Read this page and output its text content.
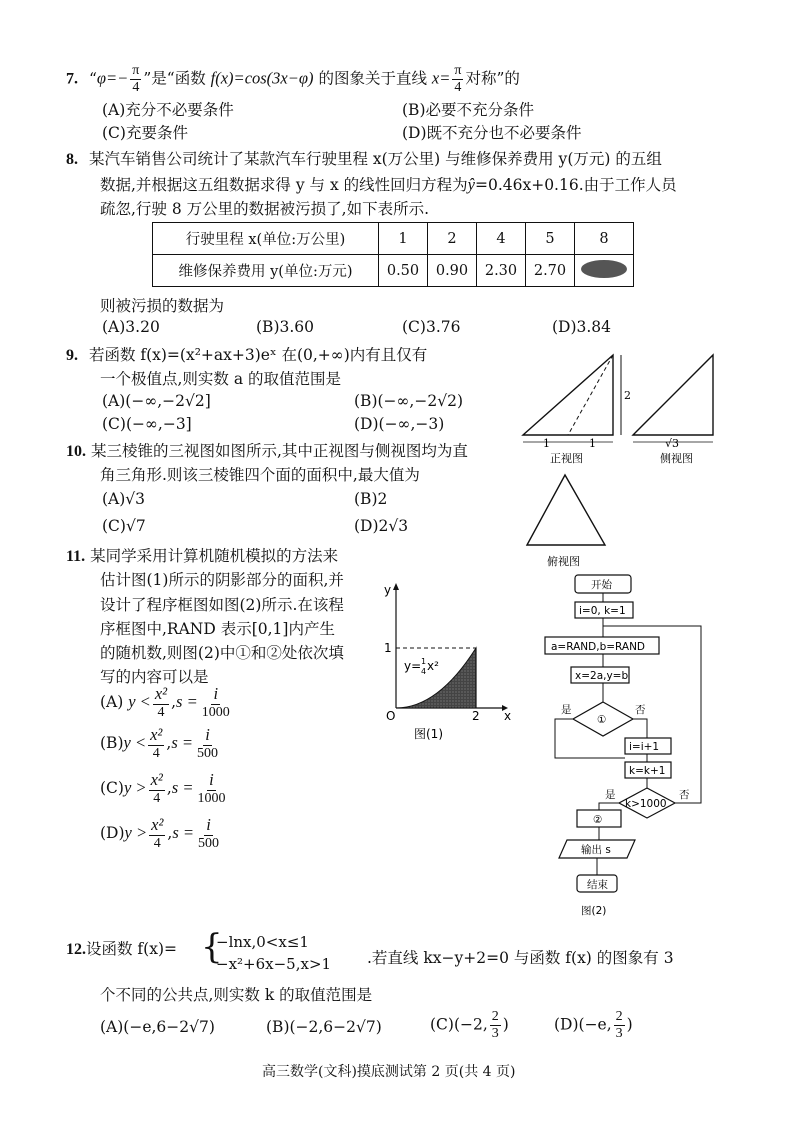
7. “$\varphi=- \frac{\pi}{4}$ ”是“函数 f(x)=cos(3x−φ) 的图象关于直线 $x= \frac{\pi}{4}$ 对称”的
(A)充分不必要条件	(B)必要不充分条件
(C)充要条件	(D)既不充分也不必要条件
8. 某汽车销售公司统计了某款汽车行驶里程 x(万公里) 与维修保养费用 y(万元) 的五组
数据,并根据这五组数据求得 y 与 x 的线性回归方程为ŷ=0.46x+0.16.由于工作人员
疏忽,行驶 8 万公里的数据被污损了,如下表所示.
行驶里程 x(单位:万公里)	1	2	4	5	8
维修保养费用 y(单位:万元)	0.50	0.90	2.30	2.70	
则被污损的数据为
(A)3.20	(B)3.60	(C)3.76	(D)3.84
9. 若函数 f(x)=(x²+ax+3)eˣ 在(0,+∞)内有且仅有
一个极值点,则实数 a 的取值范围是
(A)(−∞,−2√2]	(B)(−∞,−2√2)
(C)(−∞,−3]	(D)(−∞,−3)
10. 某三棱锥的三视图如图所示,其中正视图与侧视图均为直
角三角形.则该三棱锥四个面的面积中,最大值为
(A)√3	(B)2
(C)√7	(D)2√3
2
1	1
正视图
√3
侧视图
俯视图
11. 某同学采用计算机随机模拟的方法来
估计图(1)所示的阴影部分的面积,并
设计了程序框图如图(2)所示.在该程
序框图中,RAND 表示[0,1]内产生
的随机数,则图(2)中①和②处依次填
写的内容可以是
(A) $y < \frac{\text{x²}}{4} ,s = \frac{i}{1000}$
$(B)y < \frac{\text{x²}}{4} ,s = \frac{i}{500}$
$(C)y > \frac{\text{x²}}{4} ,s = \frac{i}{1000}$
$(D)y > \frac{\text{x²}}{4} ,s = \frac{i}{500}$
y
x
O
1
2
y= 1
4 x²
图(1)
开始
i=0, k=1
a=RAND,b=RAND
x=2a,y=b
①
是	否
i=i+1
k=k+1
k>1000
是	否
②
输出 s
结束
图(2)
12.设函数 f(x)= {
−lnx,0<x≤1
−x²+6x−5,x>1 .若直线 kx−y+2=0 与函数 f(x) 的图象有 3
个不同的公共点,则实数 k 的取值范围是
(A)(−e,6−2√7)	(B)(−2,6−2√7)	(C)(−2, $\frac{2}{3}$ )	(D)(−e, $\frac{2}{3}$ )
高三数学(文科)摸底测试第 2 页(共 4 页)
